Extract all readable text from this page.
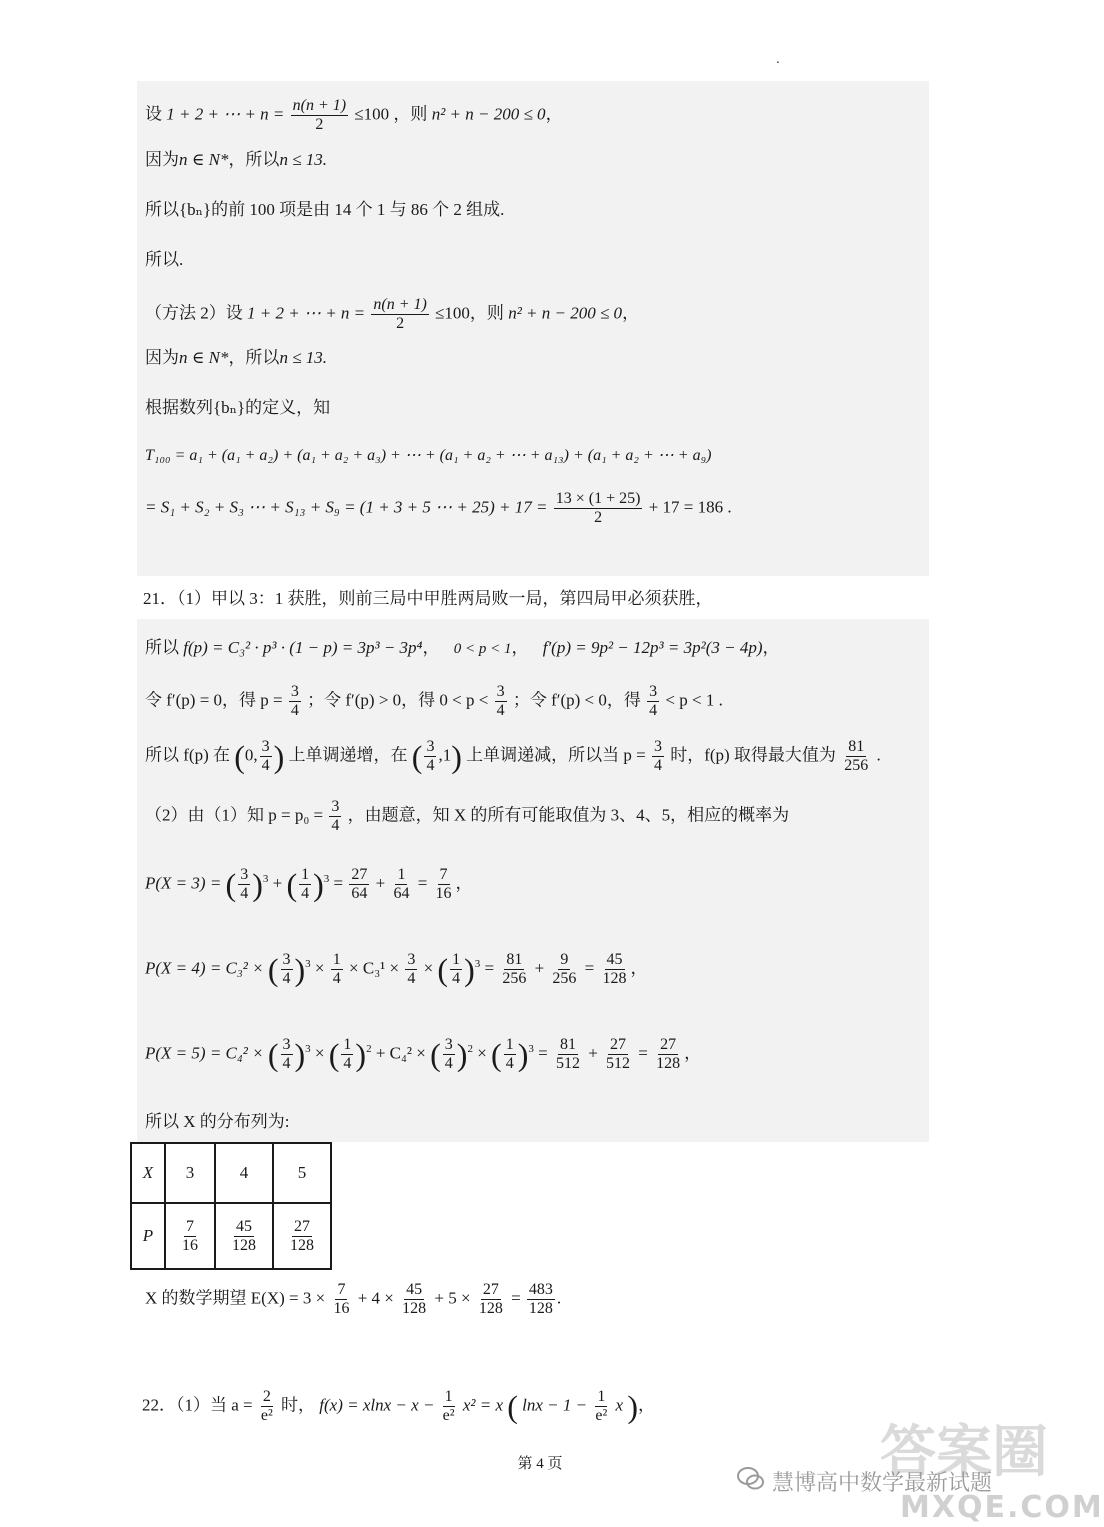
.
设 1 + 2 + ⋯ + $n = \frac{n(n + 1)}{2} \le 100$ ，则 n² + n − 200 ≤ 0，
因为n ∈ N*，所以n ≤ 13.
所以{bₙ}的前 100 项是由 14 个 1 与 86 个 2 组成.
所以.
（方法 2）设 1 + 2 + ⋯ + $n = \frac{n(n + 1)}{2} \le 100$，则 n² + n − 200 ≤ 0，
因为n ∈ N*，所以n ≤ 13.
根据数列{bₙ}的定义，知
T₁₀₀ = a₁ + (a₁ + a₂) + (a₁ + a₂ + a₃) + ⋯ + (a₁ + a₂ + ⋯ + a₁₃) + (a₁ + a₂ + ⋯ + a₉)
= S₁ + S₂ + S₃ ⋯ + S₁₃ + S₉ = (1 + 3 + 5 ⋯ + $25) + 17 = \frac{13 \times (1 + 25)}{2} + 17 = 186$ .
21．（1）甲以 3：1 获胜，则前三局中甲胜两局败一局，第四局甲必须获胜，
所以 f(p) = C₃² · p³ · (1 − p) = 3p³ − 3p⁴， 0 < p < 1， f′(p) = 9p² − 12p³ = 3p²(3 − 4p)，
令 f′(p) = 0，得 $p = \frac{3}{4}$ ；令 f′(p) > 0，得 $0 < p < \frac{3}{4}$ ；令 f′(p) < 0，得 $\frac{3}{4} < p < 1$ .
所以 f(p) 在 (0, $\frac{3}{4}$ ) 上单调递增，在 ( $\frac{3}{4} ,1$) 上单调递减，所以当 $p = \frac{3}{4}$ 时，f(p) 取得最大值为 $\frac{81}{256}$ .
（2）由（1）知 $p = p_0 = \frac{3}{4}$ ，由题意，知 X 的所有可能取值为 3、4、5，相应的概率为
P(X = 3) = ( $\frac{3}{4} )^3$ + ( $\frac{1}{4} )^3 = \frac{27}{64} + \frac{1}{64} = \frac{7}{16}$ ，
P(X = 4) = C₃² × ( $\frac{3}{4} )^3 \times \frac{1}{4} \times C_3^1 \times \frac{3}{4}$ × ( $\frac{1}{4} )^3 = \frac{81}{256} + \frac{9}{256} = \frac{45}{128}$ ，
P(X = 5) = C₄² × ( $\frac{3}{4} )^3$ × ( $\frac{1}{4} )^2 + C_4^2$ × ( $\frac{3}{4} )^2$ × ( $\frac{1}{4} )^3 = \frac{81}{512} + \frac{27}{512} = \frac{27}{128}$ ，
所以 X 的分布列为:
X	3	4	5
P	$\frac{7}{16}$	$\frac{45}{128}$	$\frac{27}{128}$
X 的数学期望 $E(X) = 3 \times \frac{7}{16} + 4 \times \frac{45}{128} + 5 \times \frac{27}{128} = \frac{483}{128}$ .
22．（1）当 $a = \frac{2}{\text{e²}}$ 时， $f(x) = xlnx - x - \frac{1}{\text{e²}} x^2 = x$ ( $\ln x - 1 - \frac{1}{\text{e²}}$ x )，
第 4 页	答案圈
慧博高中数学最新试题
MXQE.COM
